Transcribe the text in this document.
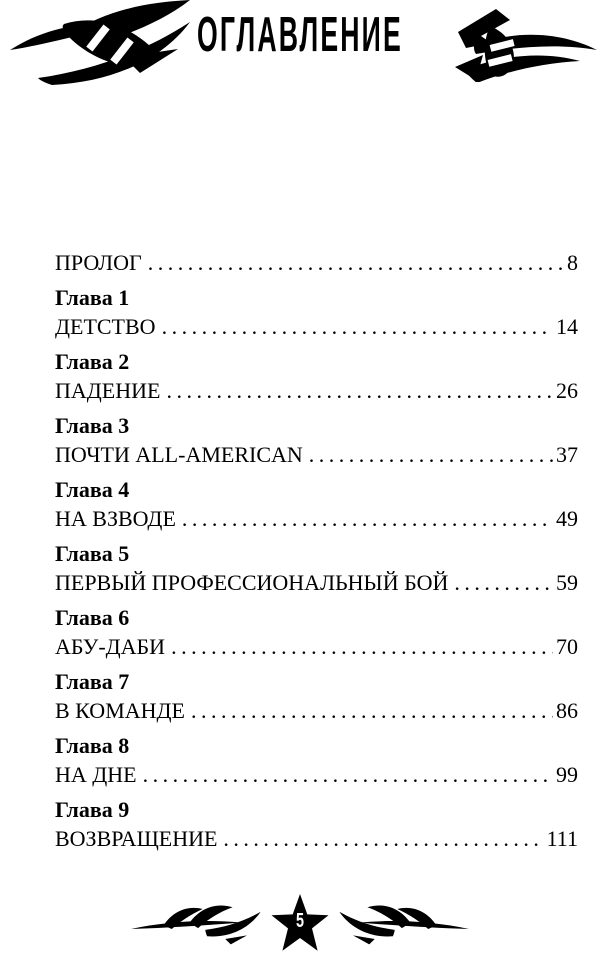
ОГЛАВЛЕНИЕ
ПРОЛОГ .....	8
Глава 1
ДЕТСТВО .....	14
Глава 2
ПАДЕНИЕ .....	26
Глава 3
ПОЧТИ ALL-AMERICAN .....	37
Глава 4
НА ВЗВОДЕ .....	49
Глава 5
ПЕРВЫЙ ПРОФЕССИОНАЛЬНЫЙ БОЙ .....	59
Глава 6
АБУ-ДАБИ .....	70
Глава 7
В КОМАНДЕ .....	86
Глава 8
НА ДНЕ .....	99
Глава 9
ВОЗВРАЩЕНИЕ .....	111
5
